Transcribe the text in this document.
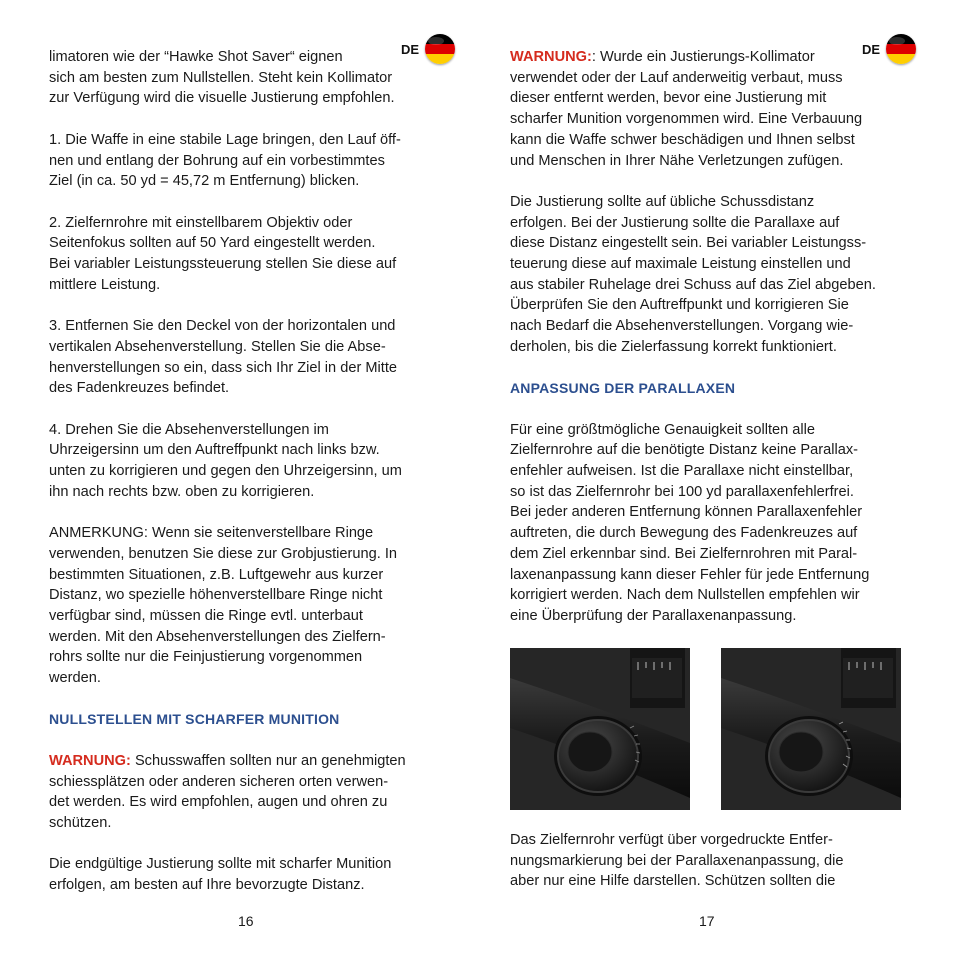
DE

limatoren wie der “Hawke Shot Saver“ eignen
sich am besten zum Nullstellen. Steht kein Kollimator
zur Verfügung wird die visuelle Justierung empfohlen.

1. Die Waffe in eine stabile Lage bringen, den Lauf öff-
nen und entlang der Bohrung auf ein vorbestimmtes
Ziel (in ca. 50 yd = 45,72 m Entfernung) blicken.

2. Zielfernrohre mit einstellbarem Objektiv oder
Seitenfokus sollten auf 50 Yard eingestellt werden.
Bei variabler Leistungssteuerung stellen Sie diese auf
mittlere Leistung.

3. Entfernen Sie den Deckel von der horizontalen und
vertikalen Absehenverstellung. Stellen Sie die Abse-
henverstellungen so ein, dass sich Ihr Ziel in der Mitte
des Fadenkreuzes befindet.

4. Drehen Sie die Absehenverstellungen im
Uhrzeigersinn um den Auftreffpunkt nach links bzw.
unten zu korrigieren und gegen den Uhrzeigersinn, um
ihn nach rechts bzw. oben zu korrigieren.

ANMERKUNG: Wenn sie seitenverstellbare Ringe
verwenden, benutzen Sie diese zur Grobjustierung. In
bestimmten Situationen, z.B. Luftgewehr aus kurzer
Distanz, wo spezielle höhenverstellbare Ringe nicht
verfügbar sind, müssen die Ringe evtl. unterbaut
werden. Mit den Absehenverstellungen des Zielfern-
rohrs sollte nur die Feinjustierung vorgenommen
werden.

NULLSTELLEN MIT SCHARFER MUNITION

WARNUNG: Schusswaffen sollten nur an genehmigten
schiessplätzen oder anderen sicheren orten verwen-
det werden. Es wird empfohlen, augen und ohren zu
schützen.

Die endgültige Justierung sollte mit scharfer Munition
erfolgen, am besten auf Ihre bevorzugte Distanz.

16
DE

WARNUNG:: Wurde ein Justierungs-Kollimator
verwendet oder der Lauf anderweitig verbaut, muss
dieser entfernt werden, bevor eine Justierung mit
scharfer Munition vorgenommen wird. Eine Verbauung
kann die Waffe schwer beschädigen und Ihnen selbst
und Menschen in Ihrer Nähe Verletzungen zufügen.

Die Justierung sollte auf übliche Schussdistanz
erfolgen. Bei der Justierung sollte die Parallaxe auf
diese Distanz eingestellt sein. Bei variabler Leistungss-
teuerung diese auf maximale Leistung einstellen und
aus stabiler Ruhelage drei Schuss auf das Ziel abgeben.
Überprüfen Sie den Auftreffpunkt und korrigieren Sie
nach Bedarf die Absehenverstellungen. Vorgang wie-
derholen, bis die Zielerfassung korrekt funktioniert.

ANPASSUNG DER PARALLAXEN

Für eine größtmögliche Genauigkeit sollten alle
Zielfernrohre auf die benötigte Distanz keine Parallax-
enfehler aufweisen. Ist die Parallaxe nicht einstellbar,
so ist das Zielfernrohr bei 100 yd parallaxenfehlerfrei.
Bei jeder anderen Entfernung können Parallaxenfehler
auftreten, die durch Bewegung des Fadenkreuzes auf
dem Ziel erkennbar sind. Bei Zielfernrohren mit Paral-
laxenanpassung kann dieser Fehler für jede Entfernung
korrigiert werden. Nach dem Nullstellen empfehlen wir
eine Überprüfung der Parallaxenanpassung.

Das Zielfernrohr verfügt über vorgedruckte Entfer-
nungsmarkierung bei der Parallaxenanpassung, die
aber nur eine Hilfe darstellen. Schützen sollten die

17
